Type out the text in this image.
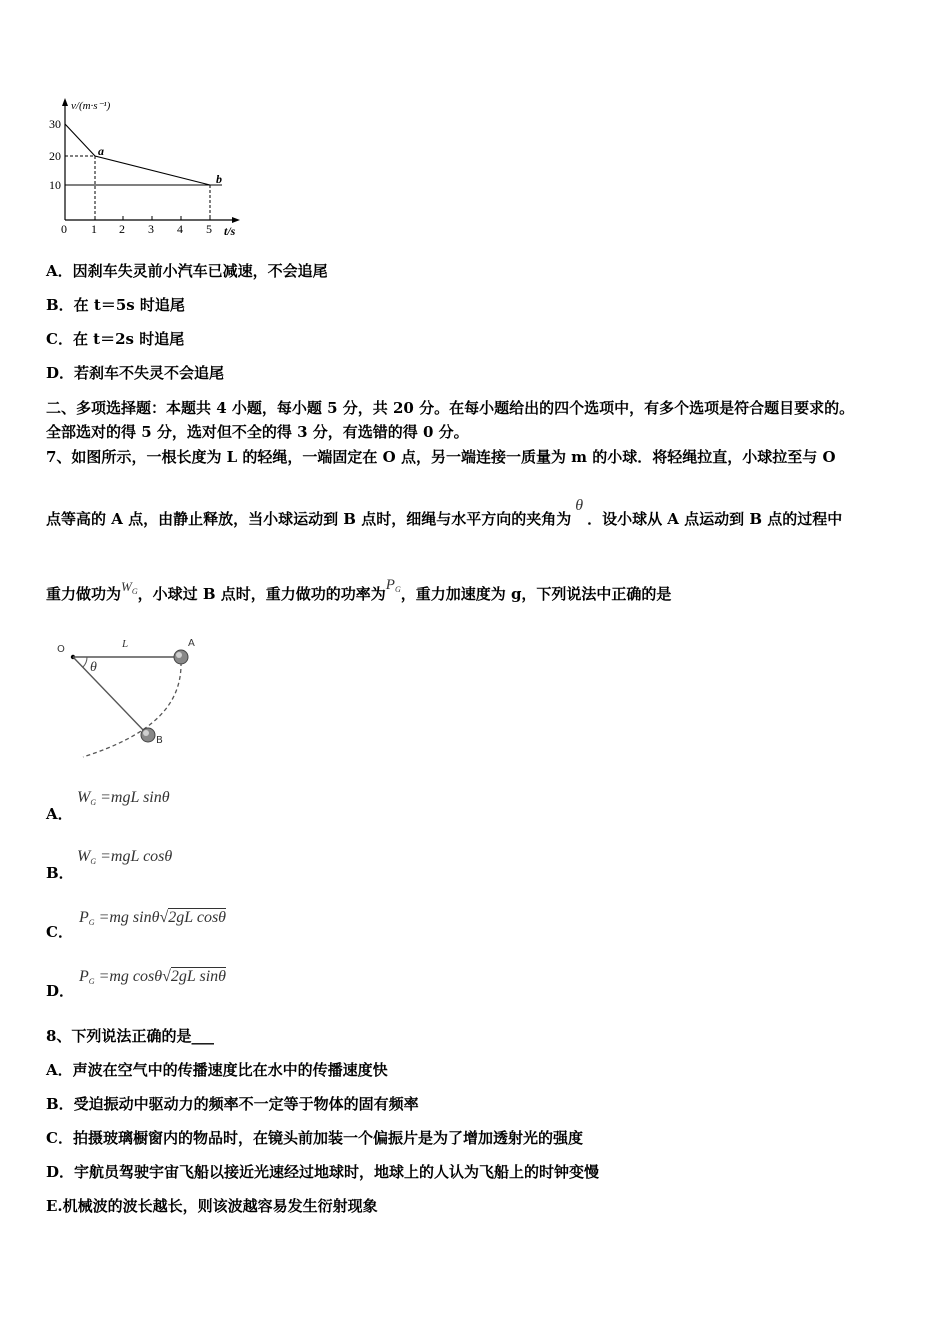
v/(m·s⁻¹)
30
20
10
0 1 2 3 4 5 t/s
a
b
A．因刹车失灵前小汽车已减速，不会追尾
B．在 t＝5s 时追尾
C．在 t＝2s 时追尾
D．若刹车不失灵不会追尾
二、多项选择题：本题共 4 小题，每小题 5 分，共 20 分。在每小题给出的四个选项中，有多个选项是符合题目要求的。
全部选对的得 5 分，选对但不全的得 3 分，有选错的得 0 分。
7、如图所示，一根长度为 L 的轻绳，一端固定在 O 点，另一端连接一质量为 m 的小球．将轻绳拉直，小球拉至与 O
点等高的 A 点，由静止释放，当小球运动到 B 点时，细绳与水平方向的夹角为θ．设小球从 A 点运动到 B 点的过程中
重力做功为$W_G$，小球过 B 点时，重力做功的功率为$P_G$，重力加速度为 g，下列说法中正确的是
O	L	A
B
θ
A．
$W_G =mgL$ sinθ
B．
$W_G =mgL$ cosθ
C．
$P_G =mg$ sinθ√2gL cosθ
D．
$P_G =mg$ cosθ√2gL sinθ
8、下列说法正确的是___
A．声波在空气中的传播速度比在水中的传播速度快
B．受迫振动中驱动力的频率不一定等于物体的固有频率
C．拍摄玻璃橱窗内的物品时，在镜头前加装一个偏振片是为了增加透射光的强度
D．宇航员驾驶宇宙飞船以接近光速经过地球时，地球上的人认为飞船上的时钟变慢
E.机械波的波长越长，则该波越容易发生衍射现象
